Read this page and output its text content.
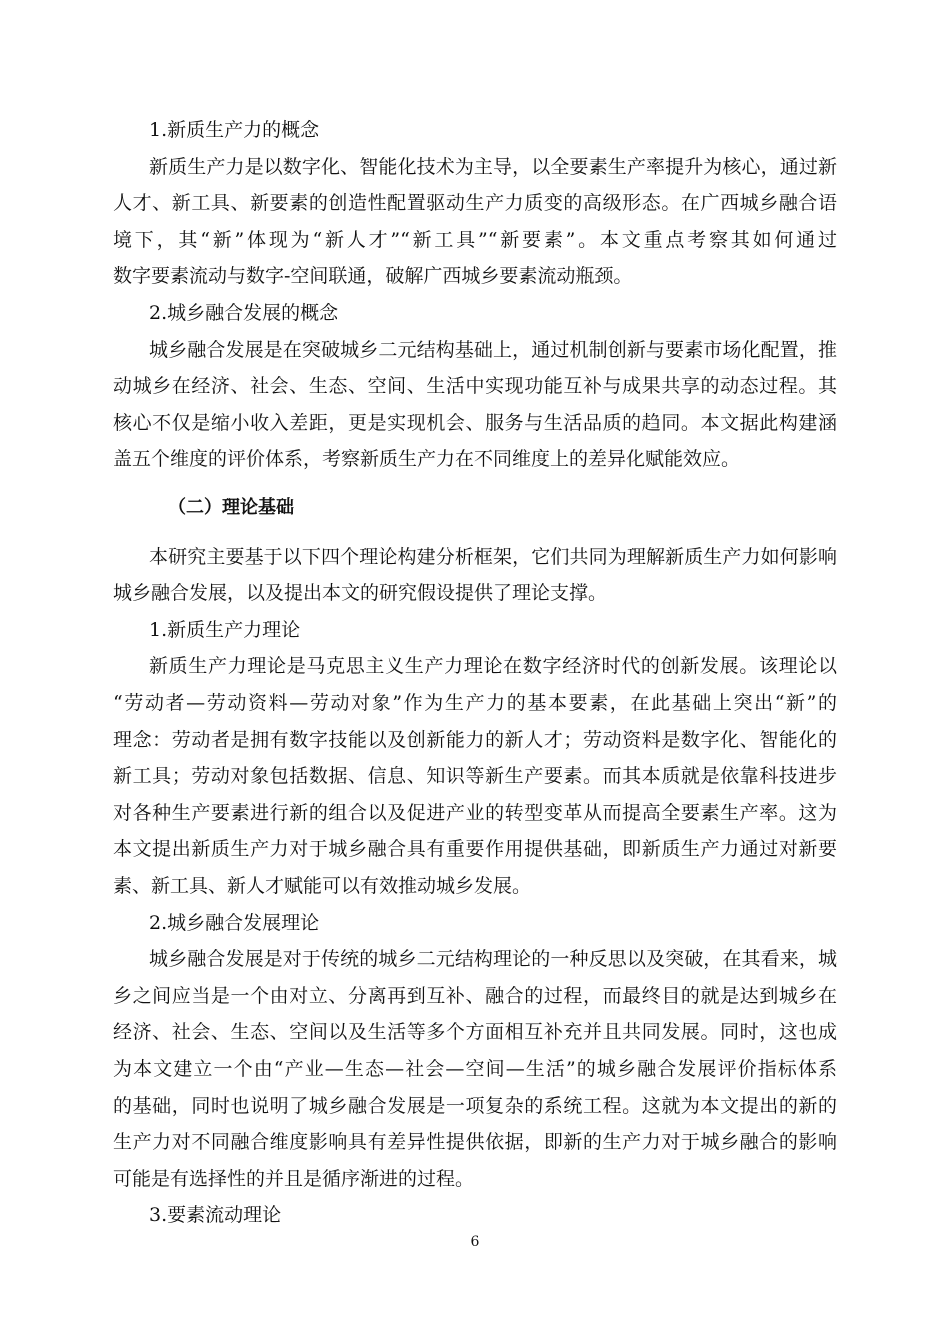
1.新质生产力的概念
新质生产力是以数字化、智能化技术为主导，以全要素生产率提升为核心，通过新
人才、新工具、新要素的创造性配置驱动生产力质变的高级形态。在广西城乡融合语
境下，其“新”体现为“新人才”“新工具”“新要素”。本文重点考察其如何通过
数字要素流动与数字-空间联通，破解广西城乡要素流动瓶颈。
2.城乡融合发展的概念
城乡融合发展是在突破城乡二元结构基础上，通过机制创新与要素市场化配置，推
动城乡在经济、社会、生态、空间、生活中实现功能互补与成果共享的动态过程。其
核心不仅是缩小收入差距，更是实现机会、服务与生活品质的趋同。本文据此构建涵
盖五个维度的评价体系，考察新质生产力在不同维度上的差异化赋能效应。
（二）理论基础
本研究主要基于以下四个理论构建分析框架，它们共同为理解新质生产力如何影响
城乡融合发展，以及提出本文的研究假设提供了理论支撑。
1.新质生产力理论
新质生产力理论是马克思主义生产力理论在数字经济时代的创新发展。该理论以
“劳动者—劳动资料—劳动对象”作为生产力的基本要素，在此基础上突出“新”的
理念：劳动者是拥有数字技能以及创新能力的新人才；劳动资料是数字化、智能化的
新工具；劳动对象包括数据、信息、知识等新生产要素。而其本质就是依靠科技进步
对各种生产要素进行新的组合以及促进产业的转型变革从而提高全要素生产率。这为
本文提出新质生产力对于城乡融合具有重要作用提供基础，即新质生产力通过对新要
素、新工具、新人才赋能可以有效推动城乡发展。
2.城乡融合发展理论
城乡融合发展是对于传统的城乡二元结构理论的一种反思以及突破，在其看来，城
乡之间应当是一个由对立、分离再到互补、融合的过程，而最终目的就是达到城乡在
经济、社会、生态、空间以及生活等多个方面相互补充并且共同发展。同时，这也成
为本文建立一个由“产业—生态—社会—空间—生活”的城乡融合发展评价指标体系
的基础，同时也说明了城乡融合发展是一项复杂的系统工程。这就为本文提出的新的
生产力对不同融合维度影响具有差异性提供依据，即新的生产力对于城乡融合的影响
可能是有选择性的并且是循序渐进的过程。
3.要素流动理论
6
